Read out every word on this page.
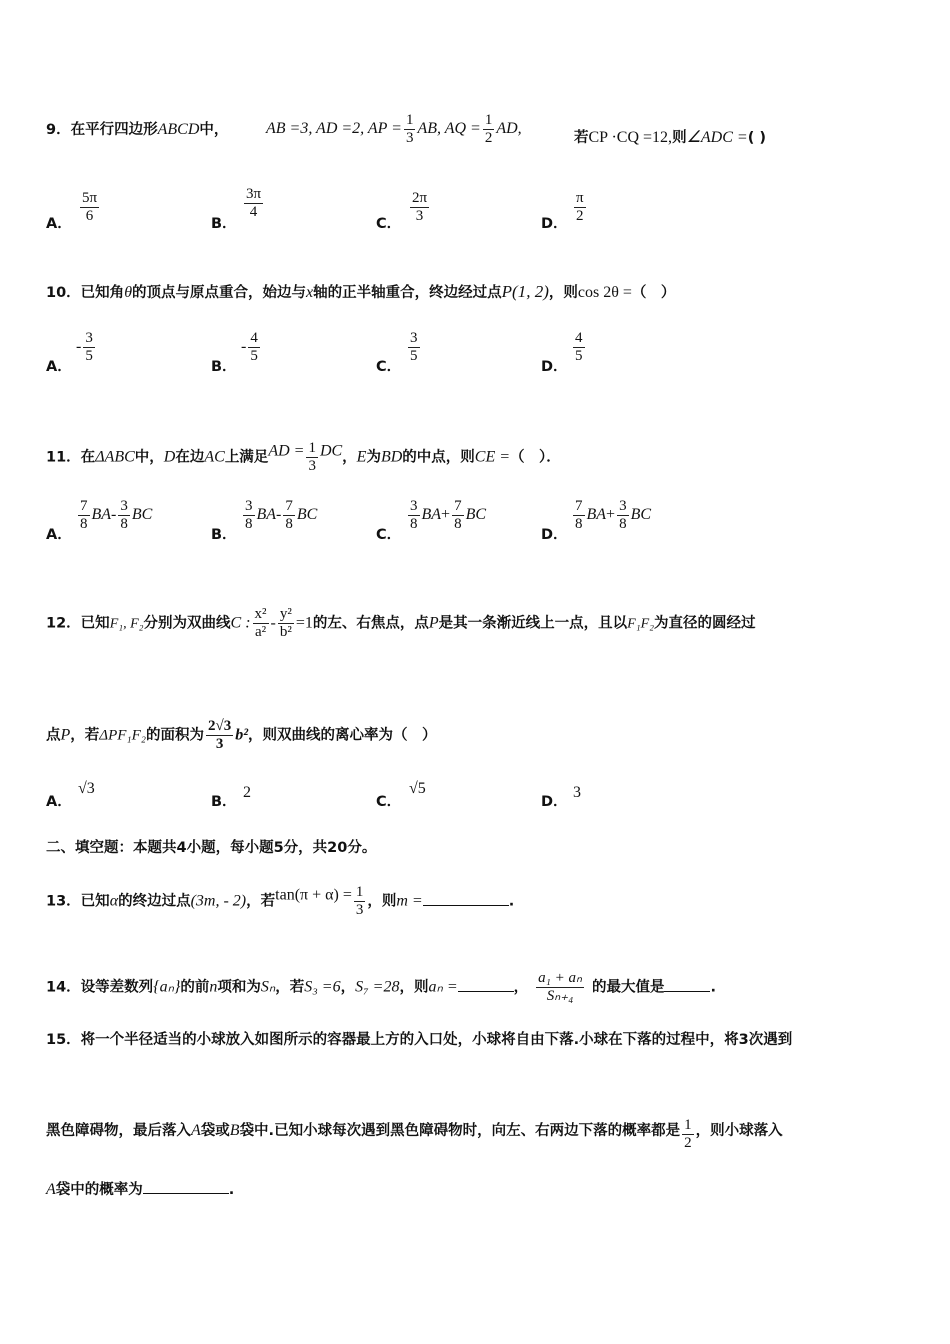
9．在平行四边形ABCD中， AB =3, AD =2, AP = $\frac{1}{3}$ AB, AQ = $\frac{1}{2}$ AD,
若CP ·CQ =12,则∠ADC =( )
A． $\frac{5\pi}{6}$	B．
$\frac{3\pi}{4}$
C． $\frac{2\pi}{3}$	D． $\frac{\pi}{2}$
10．已知角θ的顶点与原点重合，始边与x轴的正半轴重合，终边经过点P(1, 2)，则cos 2θ =（　）
A．
- $\frac{3}{5}$
B．
- $\frac{4}{5}$
C．
$\frac{3}{5}$
D．
$\frac{4}{5}$
11．在ΔABC中，D在边AC上满足AD = $\frac{1}{3}$ DC，E为BD的中点，则CE =（　）．
A．
$\frac{7}{8} BA- \frac{3}{8}$ BC
B．
$\frac{3}{8} BA- \frac{7}{8}$ BC
C．
$\frac{3}{8} BA+ \frac{7}{8}$ BC
D．
$\frac{7}{8} BA+ \frac{3}{8}$ BC
12．已知F₁, F₂分别为双曲线C : $\frac{\text{x²}}{\text{a²}} - \frac{\text{y²}}{\text{b²}} =1$的左、右焦点，点P是其一条渐近线上一点，且以F₁F₂为直径的圆经过
点P，若ΔPF₁F₂的面积为 $\frac{2√3}{3} b^2$，则双曲线的离心率为（　）
A．
√3
B．
2
C．
√5
D．
3
二、填空题：本题共4小题，每小题5分，共20分。
13．已知α的终边过点(3m, - 2)，若$\tan(\pi + \alpha) = \frac{1}{3}$ ，则m =	.
14．设等差数列{aₙ}的前n项和为Sₙ，若S₃ =6，S₇ =28，则aₙ =	， $\frac{\text{a₁ + aₙ}}{\text{Sₙ₊₄}}$ 的最大值是	.
15．将一个半径适当的小球放入如图所示的容器最上方的入口处，小球将自由下落.小球在下落的过程中，将3次遇到
黑色障碍物，最后落入A袋或B袋中.已知小球每次遇到黑色障碍物时，向左、右两边下落的概率都是 $\frac{1}{2}$ ，则小球落入
A袋中的概率为	.
